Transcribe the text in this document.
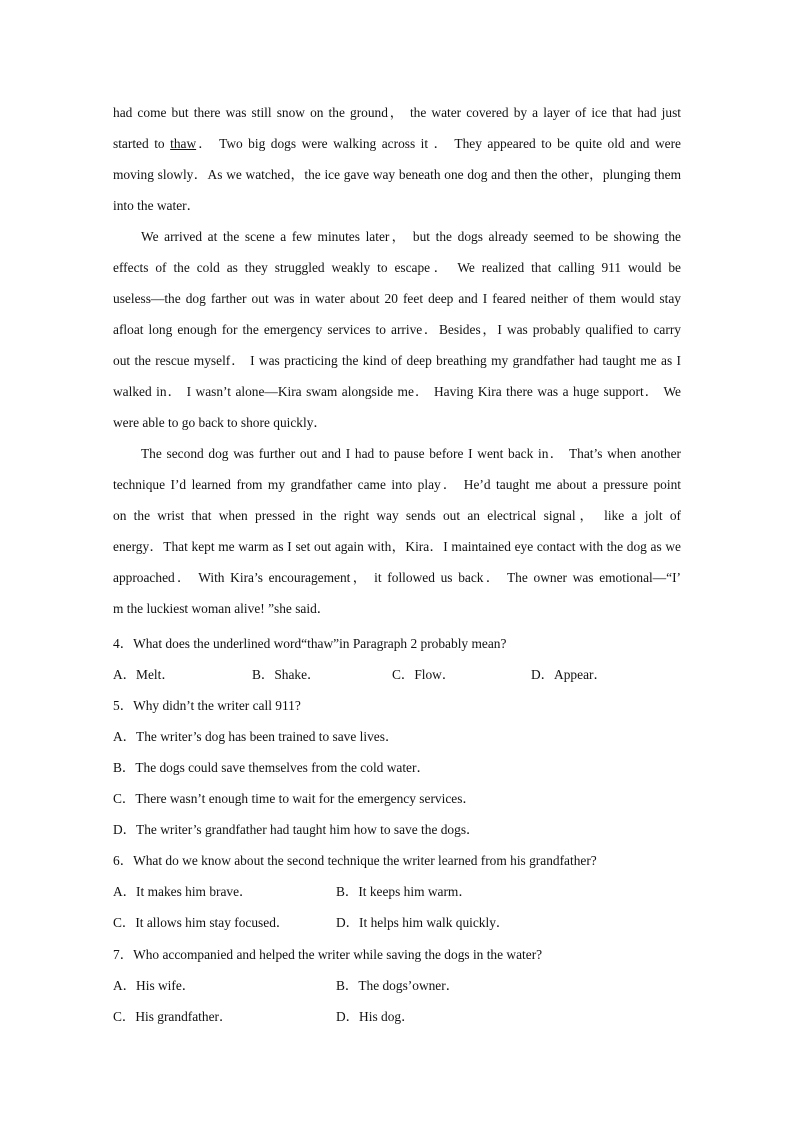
had come but there was still snow on the ground， the water covered by a layer of ice that had just
started to thaw． Two big dogs were walking across it ． They appeared to be quite old and were
moving slowly．As we watched，the ice gave way beneath one dog and then the other，plunging them
into the water．
We arrived at the scene a few minutes later， but the dogs already seemed to be showing the
effects of the cold as they struggled weakly to escape． We realized that calling 911 would be
useless—the dog farther out was in water about 20 feet deep and I feared neither of them would stay
afloat long enough for the emergency services to arrive．Besides，I was probably qualified to carry
out the rescue myself． I was practicing the kind of deep breathing my grandfather had taught me as I
walked in． I wasn’t alone—Kira swam alongside me． Having Kira there was a huge support． We
were able to go back to shore quickly．
The second dog was further out and I had to pause before I went back in． That’s when another
technique I’d learned from my grandfather came into play． He’d taught me about a pressure point
on the wrist that when pressed in the right way sends out an electrical signal， like a jolt of
energy．That kept me warm as I set out again with，Kira．I maintained eye contact with the dog as we
approached． With Kira’s encouragement， it followed us back． The owner was emotional—“I’
m the luckiest woman alive! ”she said．
4．What does the underlined word“thaw”in Paragraph 2 probably mean?
A．Melt．	B．Shake．	C．Flow．	D．Appear．
5．Why didn’t the writer call 911?
A．The writer’s dog has been trained to save lives．
B．The dogs could save themselves from the cold water．
C．There wasn’t enough time to wait for the emergency services．
D．The writer’s grandfather had taught him how to save the dogs．
6．What do we know about the second technique the writer learned from his grandfather?
A．It makes him brave．	B．It keeps him warm．
C．It allows him stay focused．	D．It helps him walk quickly．
7．Who accompanied and helped the writer while saving the dogs in the water?
A．His wife．	B．The dogs’owner．
C．His grandfather．	D．His dog．
